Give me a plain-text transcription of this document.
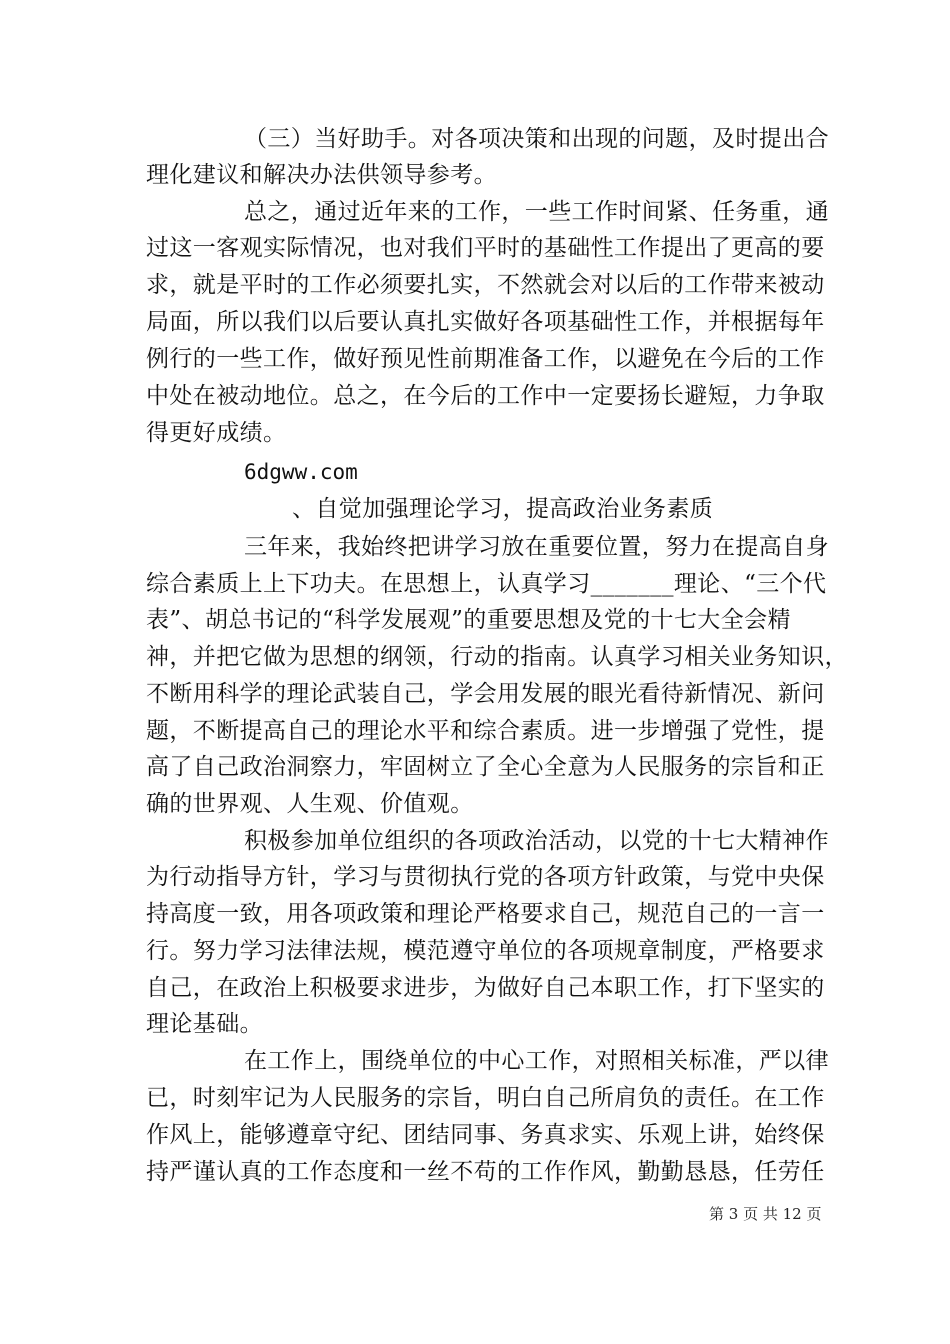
（三）当好助手。对各项决策和出现的问题，及时提出合
理化建议和解决办法供领导参考。
总之，通过近年来的工作，一些工作时间紧、任务重，通
过这一客观实际情况，也对我们平时的基础性工作提出了更高的要
求，就是平时的工作必须要扎实，不然就会对以后的工作带来被动
局面，所以我们以后要认真扎实做好各项基础性工作，并根据每年
例行的一些工作，做好预见性前期准备工作，以避免在今后的工作
中处在被动地位。总之，在今后的工作中一定要扬长避短，力争取
得更好成绩。
6dgww.com
、自觉加强理论学习，提高政治业务素质
三年来，我始终把讲学习放在重要位置，努力在提高自身
综合素质上上下功夫。在思想上，认真学习_______理论、“三个代
表”、胡总书记的“科学发展观”的重要思想及党的十七大全会精
神，并把它做为思想的纲领，行动的指南。认真学习相关业务知识，
不断用科学的理论武装自己，学会用发展的眼光看待新情况、新问
题，不断提高自己的理论水平和综合素质。进一步增强了党性，提
高了自己政治洞察力，牢固树立了全心全意为人民服务的宗旨和正
确的世界观、人生观、价值观。
积极参加单位组织的各项政治活动，以党的十七大精神作
为行动指导方针，学习与贯彻执行党的各项方针政策，与党中央保
持高度一致，用各项政策和理论严格要求自己，规范自己的一言一
行。努力学习法律法规，模范遵守单位的各项规章制度，严格要求
自己，在政治上积极要求进步，为做好自己本职工作，打下坚实的
理论基础。
在工作上，围绕单位的中心工作，对照相关标准，严以律
已，时刻牢记为人民服务的宗旨，明白自己所肩负的责任。在工作
作风上，能够遵章守纪、团结同事、务真求实、乐观上讲，始终保
持严谨认真的工作态度和一丝不苟的工作作风，勤勤恳恳，任劳任
第 3 页 共 12 页
